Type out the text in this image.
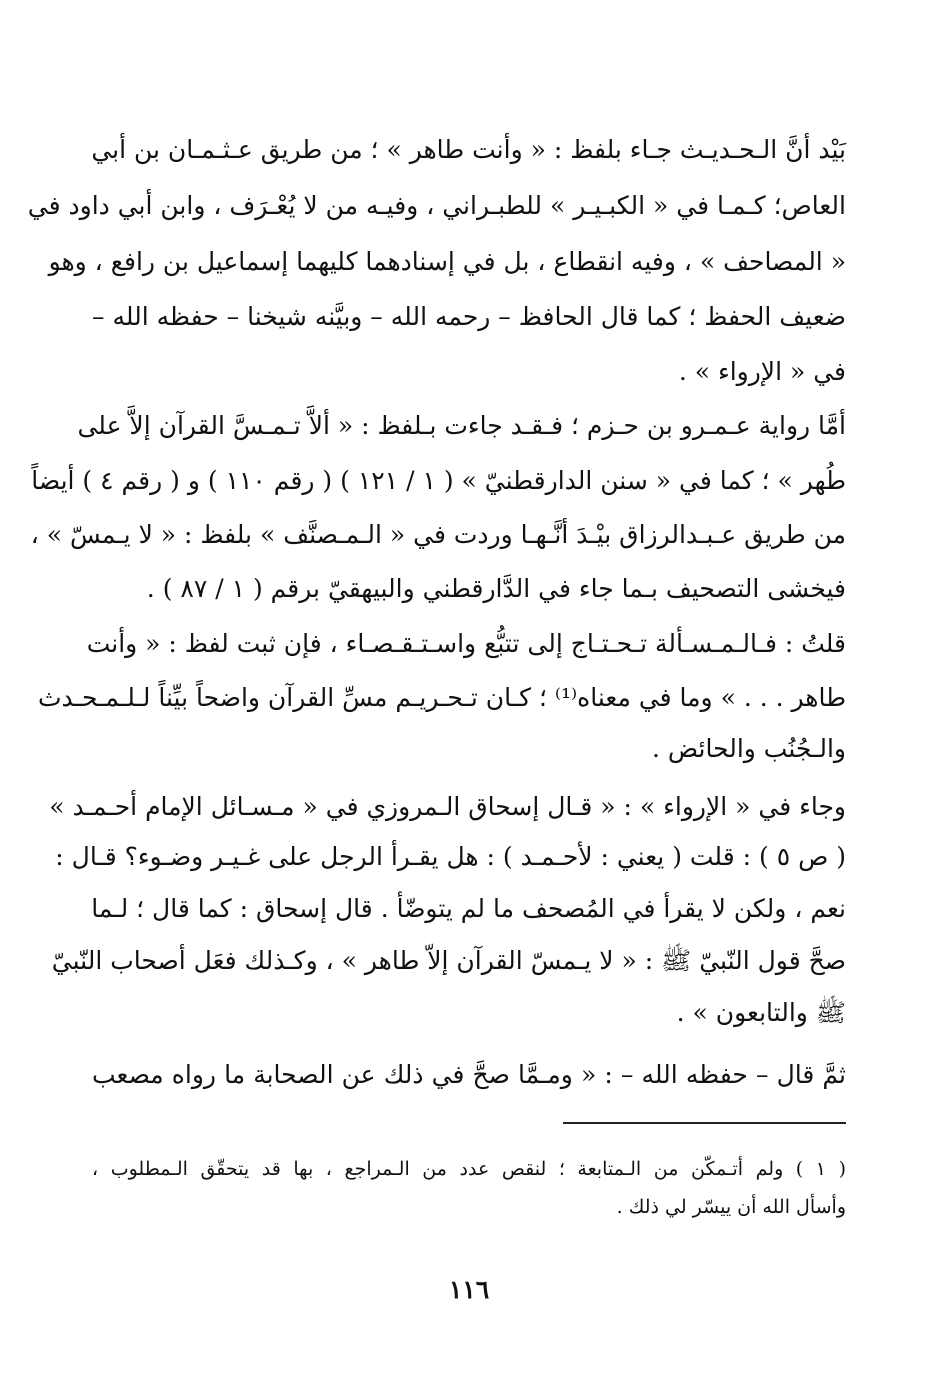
بَيْد أنَّ الـحـديـث جـاء بلفظ : « وأنت طاهر » ؛ من طريق عـثـمـان بن أبي
العاص؛ كـمـا في « الكبـيـر » للطبـراني ، وفيـه من لا يُعْـرَف ، وابن أبي داود في
« المصاحف » ، وفيه انقطاع ، بل في إسنادهما كليهما إسماعيل بن رافع ، وهو
ضعيف الحفظ ؛ كما قال الحافظ – رحمه الله – وبيَّنه شيخنا – حفظه الله –
في « الإرواء » .
أمَّا رواية عـمـرو بن حـزم ؛ فـقـد جاءت بـلفظ : « ألاَّ تـمـسَّ القرآن إلاَّ على
طُهر » ؛ كما في « سنن الدارقطنيّ » ( ١ / ١٢١ ) ( رقم ١١٠ ) و ( رقم ٤ ) أيضاً
من طريق عـبـدالرزاق بيْـدَ أنَّـهـا وردت في « الـمـصنَّف » بلفظ : « لا يـمسّ » ،
فيخشى التصحيف بـما جاء في الدَّارقطني والبيهقيّ برقم ( ١ / ٨٧ ) .
قلتُ : فـالـمـسـألة تـحـتـاج إلى تتبُّع واسـتـقـصـاء ، فإن ثبت لفظ : « وأنت
طاهر . . . » وما في معناه⁽¹⁾ ؛ كـان تـحـريـم مسِّ القرآن واضحاً بيِّناً لـلـمـحـدث
والـجُنُب والحائض .
وجاء في « الإرواء » : « قـال إسحاق الـمروزي في « مـسـائل الإمام أحـمـد »
( ص ٥ ) : قلت ( يعني : لأحـمـد ) : هل يقـرأ الرجل على غـيـر وضـوء؟ قـال :
نعم ، ولكن لا يقرأ في المُصحف ما لم يتوضّأ . قال إسحاق : كما قال ؛ لـما
صحَّ قول النّبيّ ﷺ : « لا يـمسّ القرآن إلاّ طاهر » ، وكـذلك فعَل أصحاب النّبيّ
ﷺ والتابعون » .
ثمَّ قال – حفظه الله – : « ومـمَّا صحَّ في ذلك عن الصحابة ما رواه مصعب
( ١ ) ولم أتـمكّن من الـمتابعة ؛ لنقص عدد من الـمراجع ، بها قد يتحقّق الـمطلوب ،
وأسأل الله أن ييسّر لي ذلك .
١١٦
